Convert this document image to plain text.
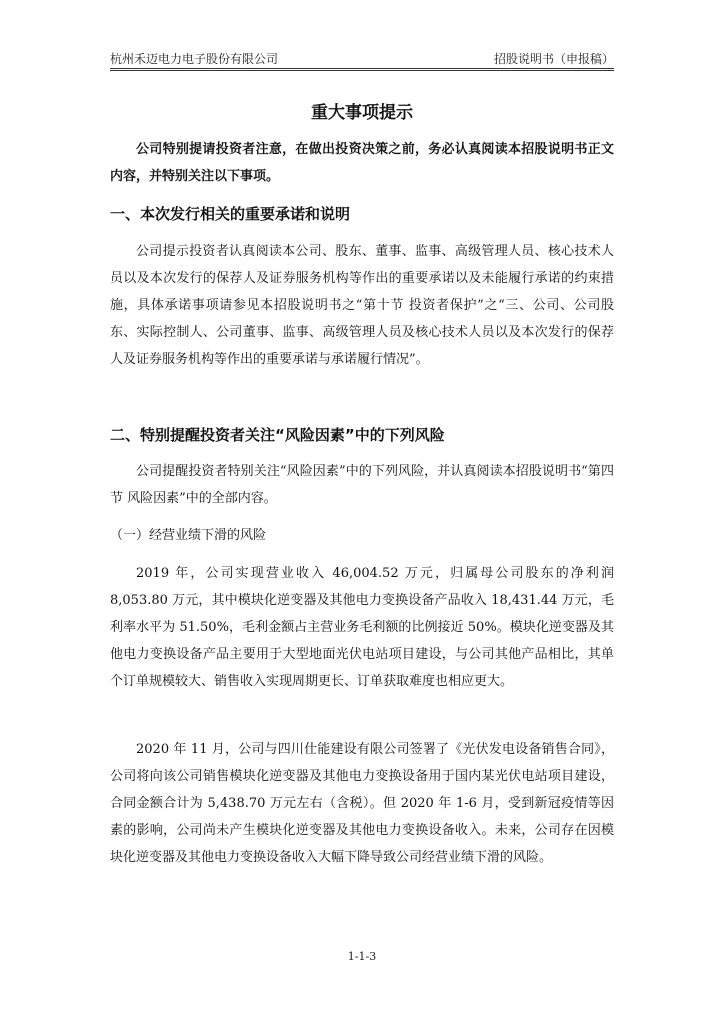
杭州禾迈电力电子股份有限公司	招股说明书（申报稿）
重大事项提示

公司特别提请投资者注意，在做出投资决策之前，务必认真阅读本招股说明书正文内容，并特别关注以下事项。

一、本次发行相关的重要承诺和说明

公司提示投资者认真阅读本公司、股东、董事、监事、高级管理人员、核心技术人员以及本次发行的保荐人及证券服务机构等作出的重要承诺以及未能履行承诺的约束措施，具体承诺事项请参见本招股说明书之“第十节 投资者保护”之“三、公司、公司股东、实际控制人、公司董事、监事、高级管理人员及核心技术人员以及本次发行的保荐人及证券服务机构等作出的重要承诺与承诺履行情况”。

二、特别提醒投资者关注“风险因素”中的下列风险

公司提醒投资者特别关注“风险因素”中的下列风险，并认真阅读本招股说明书“第四节 风险因素”中的全部内容。

（一）经营业绩下滑的风险

2019 年，公司实现营业收入 46,004.52 万元，归属母公司股东的净利润 8,053.80 万元，其中模块化逆变器及其他电力变换设备产品收入 18,431.44 万元，毛利率水平为 51.50%，毛利金额占主营业务毛利额的比例接近 50%。模块化逆变器及其他电力变换设备产品主要用于大型地面光伏电站项目建设，与公司其他产品相比，其单个订单规模较大、销售收入实现周期更长、订单获取难度也相应更大。

2020 年 11 月，公司与四川仕能建设有限公司签署了《光伏发电设备销售合同》，公司将向该公司销售模块化逆变器及其他电力变换设备用于国内某光伏电站项目建设，合同金额合计为 5,438.70 万元左右（含税）。但 2020 年 1-6 月，受到新冠疫情等因素的影响，公司尚未产生模块化逆变器及其他电力变换设备收入。未来，公司存在因模块化逆变器及其他电力变换设备收入大幅下降导致公司经营业绩下滑的风险。

1-1-3
